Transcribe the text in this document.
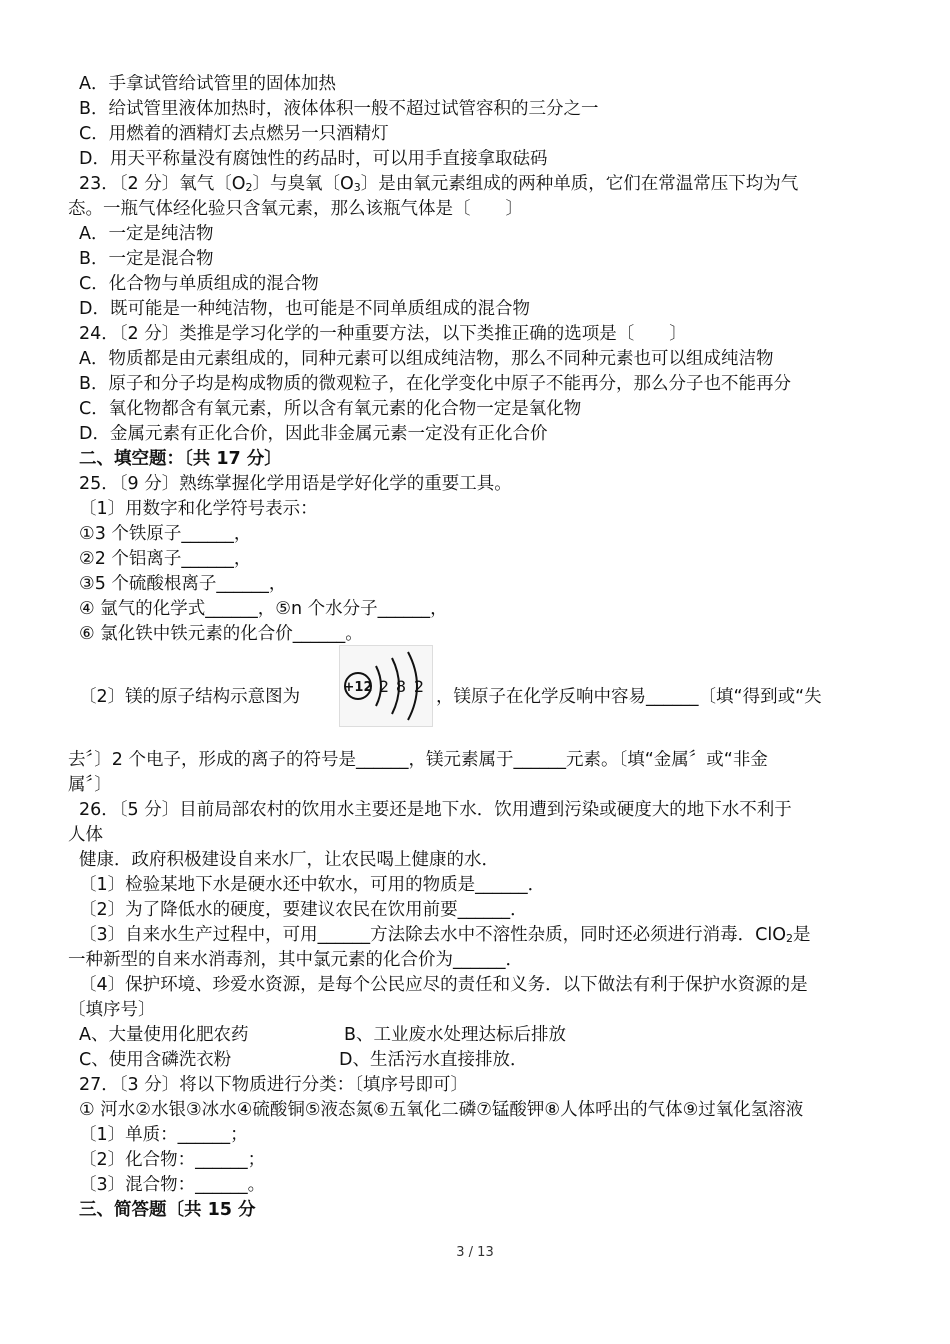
A．手拿试管给试管里的固体加热
B．给试管里液体加热时，液体体积一般不超过试管容积的三分之一
C．用燃着的酒精灯去点燃另一只酒精灯
D．用天平称量没有腐蚀性的药品时，可以用手直接拿取砝码
23．〔2 分〕氧气〔$O_2$〕与臭氧〔$O_3$〕是由氧元素组成的两种单质，它们在常温常压下均为气
态。一瓶气体经化验只含氧元素，那么该瓶气体是〔　　〕
A．一定是纯洁物
B．一定是混合物
C．化合物与单质组成的混合物
D．既可能是一种纯洁物，也可能是不同单质组成的混合物
24．〔2 分〕类推是学习化学的一种重要方法，以下类推正确的选项是〔　　〕
A．物质都是由元素组成的，同种元素可以组成纯洁物，那么不同种元素也可以组成纯洁物
B．原子和分子均是构成物质的微观粒子，在化学变化中原子不能再分，那么分子也不能再分
C．氧化物都含有氧元素，所以含有氧元素的化合物一定是氧化物
D．金属元素有正化合价，因此非金属元素一定没有正化合价
二、填空题：〔共 17 分〕
25．〔9 分〕熟练掌握化学用语是学好化学的重要工具。
〔1〕用数字和化学符号表示：
①3 个铁原子______，
②2 个铝离子______，
③5 个硫酸根离子______，
④ 氩气的化学式______，⑤n 个水分子______，
⑥ 氯化铁中铁元素的化合价______。
〔2〕镁的原子结构示意图为	+12 2 8 2
，镁原子在化学反响中容易______〔填“得到或“失
去〞〕2 个电子，形成的离子的符号是______，镁元素属于______元素。〔填“金属〞或“非金
属〞〕
26．〔5 分〕目前局部农村的饮用水主要还是地下水．饮用遭到污染或硬度大的地下水不利于
人体
健康．政府积极建设自来水厂，让农民喝上健康的水．
〔1〕检验某地下水是硬水还中软水，可用的物质是______．
〔2〕为了降低水的硬度，要建议农民在饮用前要______．
〔3〕自来水生产过程中，可用______方法除去水中不溶性杂质，同时还必须进行消毒．ClO$_2$是
一种新型的自来水消毒剂，其中氯元素的化合价为______．
〔4〕保护环境、珍爱水资源，是每个公民应尽的责任和义务．以下做法有利于保护水资源的是
〔填序号〕
A、大量使用化肥农药	B、工业废水处理达标后排放
C、使用含磷洗衣粉	D、生活污水直接排放．
27．〔3 分〕将以下物质进行分类：〔填序号即可〕
① 河水②水银③冰水④硫酸铜⑤液态氮⑥五氧化二磷⑦锰酸钾⑧人体呼出的气体⑨过氧化氢溶液
〔1〕单质：______；
〔2〕化合物：______；
〔3〕混合物：______。
三、简答题〔共 15 分
3 / 13
